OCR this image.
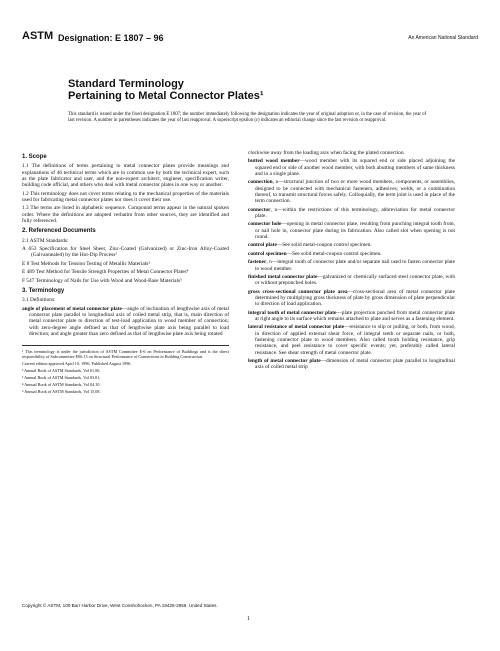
ASTM Designation: E 1807 – 96	An American National Standard
Standard Terminology
Pertaining to Metal Connector Plates¹
This standard is issued under the fixed designation E 1807; the number immediately following the designation indicates the year of original adoption or, in the case of revision, the year of last revision. A number in parentheses indicates the year of last reapproval. A superscript epsilon (ε) indicates an editorial change since the last revision or reapproval.
1. Scope

1.1 The definitions of terms pertaining to metal connector plates provide meanings and explanations of 46 technical terms which are in common use by both the technical expert, such as the plate fabricator and user, and the non-expert architect, engineer, specification writer, building code official, and others who deal with metal connector plates in one way or another.

1.2 This terminology does not cover terms relating to the mechanical properties of the materials used for fabricating metal connector plates nor does it cover their use.

1.3 The terms are listed in alphabetic sequence. Compound terms appear in the natural spoken order. Where the definitions are adopted verbatim from other sources, they are identified and fully referenced.

2. Referenced Documents

2.1 ASTM Standards:

A 653 Specification for Steel Sheet, Zinc-Coated (Galvanized) or Zinc-Iron Alloy-Coated (Galvannealed) by the Hot-Dip Process²

E 8 Test Methods for Tension Testing of Metallic Materials³

E 489 Test Method for Tensile Strength Properties of Metal Connector Plates⁴

F 547 Terminology of Nails for Use with Wood and Wood-Base Materials⁵

3. Terminology

3.1 Definitions:

angle of placement of metal connector plate—angle of inclination of lengthwise axis of metal connector plate parallel to longitudinal axis of coiled metal strip, that is, main direction of metal connector plate to direction of test-load application to wood member of connection; with zero-degree angle defined as that of lengthwise plate axis being parallel to load direction; and angle greater than zero defined as that of lengthwise plate axis being rotated

¹ This terminology is under the jurisdiction of ASTM Committee E-6 on Performance of Buildings and is the direct responsibility of Subcommittee E06.13 on Structural Performance of Connections in Building Construction.

Current edition approved April 10, 1996. Published August 1996.

² Annual Book of ASTM Standards, Vol 01.06.

³ Annual Book of ASTM Standards, Vol 03.01.

⁴ Annual Book of ASTM Standards, Vol 04.10.

⁵ Annual Book of ASTM Standards, Vol 15.08.

clockwise away from the loading axis when facing the plated connection.

butted wood member—wood member with its squared end or side placed adjoining the squared end or side of another wood member, with both abutting members of same thickness and in a single plane.

connection, n—structural junction of two or more wood members, components, or assemblies, designed to be connected with mechanical fasteners, adhesives, welds, or a combination thereof, to transmit structural forces safely. Colloquially, the term joint is used in place of the term connection.

connector, n—within the restrictions of this terminology, abbreviation for metal connector plate.

connector hole—opening in metal connector plate, resulting from punching integral tooth from, or nail hole in, connector plate during its fabrication. Also called slot when opening is not round.

control plate—See solid metal-coupon control specimen.

control specimen—See solid metal-coupon control specimen.

fastener, n—integral tooth of connector plate and/or separate nail used to fasten connector plate to wood member.

finished metal connector plate—galvanized or chemically surfaced steel connector plate, with or without prepunched holes.

gross cross-sectional connector plate area—cross-sectional area of metal connector plate determined by multiplying gross thickness of plate by gross dimension of plate perpendicular to direction of load application.

integral tooth of metal connector plate—plate projection punched from metal connector plate at right angle to its surface which remains attached to plate and serves as a fastening element.

lateral resistance of metal connector plate—resistance to slip or pulling, or both, from wood, in direction of applied external shear force, of integral teeth or separate nails, or both, fastening connector plate to wood members. Also called tooth holding resistance, grip resistance, and peel resistance to cover specific events; yet, preferably called lateral resistance. See shear strength of metal connector plate.

length of metal connector plate—dimension of metal connector plate parallel to longitudinal axis of coiled metal strip

Copyright © ASTM, 100 Barr Harbor Drive, West Conshohocken, PA 19428-2959, United States.
1
